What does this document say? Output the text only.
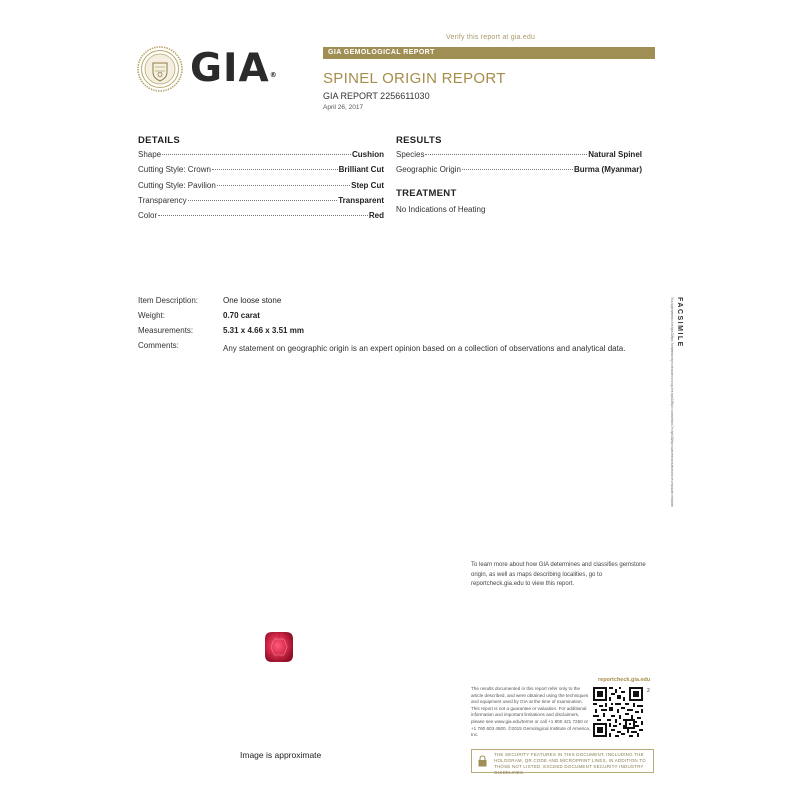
Verify this report at gia.edu
GIA®
GIA GEMOLOGICAL REPORT
SPINEL ORIGIN REPORT
GIA REPORT 2256611030
April 26, 2017
DETAILS
Shape	Cushion
Cutting Style: Crown	Brilliant Cut
Cutting Style: Pavilion	Step Cut
Transparency	Transparent
Color	Red
RESULTS
Species	Natural Spinel
Geographic Origin	Burma (Myanmar)
TREATMENT
No Indications of Heating
Item Description:	One loose stone
Weight:	0.70 carat
Measurements:	5.31 x 4.66 x 3.51 mm
Comments:	Any statement on geographic origin is an expert opinion based on a collection of observations and analytical data.
FACSIMILE
This is a digital representation of the original GIA Report. This representation might not be accurate or a true copy of the original GIA Report. It contains limitations. The original GIA Report includes certain security features which are not reproducible on this facsimile.
To learn more about how GIA determines and classifies gemstone origin, as well as maps describing localities, go to reportcheck.gia.edu to view this report.
Image is approximate
reportcheck.gia.edu
The results documented in this report refer only to the article described, and were obtained using the techniques and equipment used by GIA at the time of examination. This report is not a guarantee or valuation. For additional information and important limitations and disclaimers, please see www.gia.edu/terms or call +1 800 421 7250 or +1 760 603 4500. ©2015 Gemological Institute of America, Inc.
2
THE SECURITY FEATURES IN THIS DOCUMENT, INCLUDING THE HOLOGRAM, QR CODE AND MICROPRINT LINES, IN ADDITION TO THOSE NOT LISTED, EXCEED DOCUMENT SECURITY INDUSTRY GUIDELINES.
